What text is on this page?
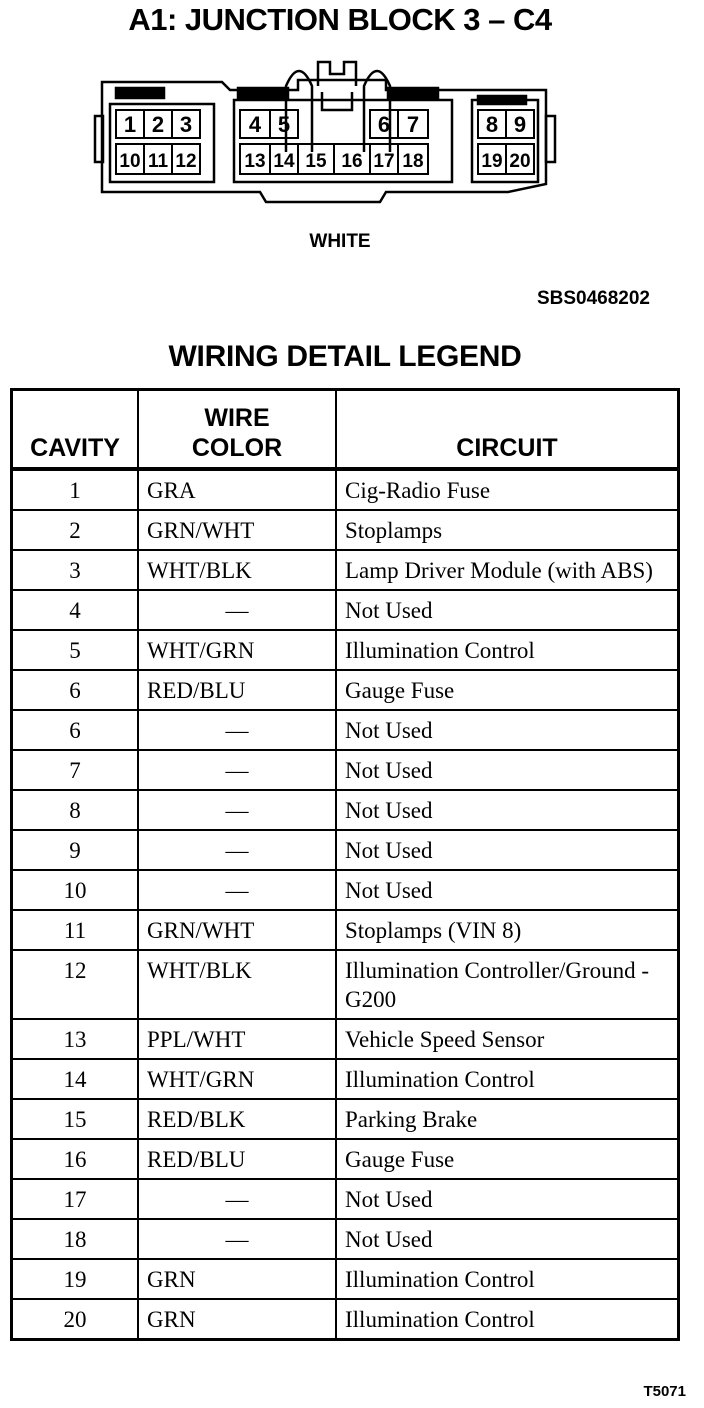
A1: JUNCTION BLOCK 3 – C4
1
10
2
11
3
12
4
13
5
14 15 16
6
17
7
18
8
19
9
20
WHITE
SBS0468202
WIRING DETAIL LEGEND
CAVITY	WIRE COLOR	CIRCUIT
1	GRA	Cig-Radio Fuse
2	GRN/WHT	Stoplamps
3	WHT/BLK	Lamp Driver Module (with ABS)
4	—	Not Used
5	WHT/GRN	Illumination Control
6	RED/BLU	Gauge Fuse
6	—	Not Used
7	—	Not Used
8	—	Not Used
9	—	Not Used
10	—	Not Used
11	GRN/WHT	Stoplamps (VIN 8)
12	WHT/BLK	Illumination Controller/Ground - G200
13	PPL/WHT	Vehicle Speed Sensor
14	WHT/GRN	Illumination Control
15	RED/BLK	Parking Brake
16	RED/BLU	Gauge Fuse
17	—	Not Used
18	—	Not Used
19	GRN	Illumination Control
20	GRN	Illumination Control
T5071
